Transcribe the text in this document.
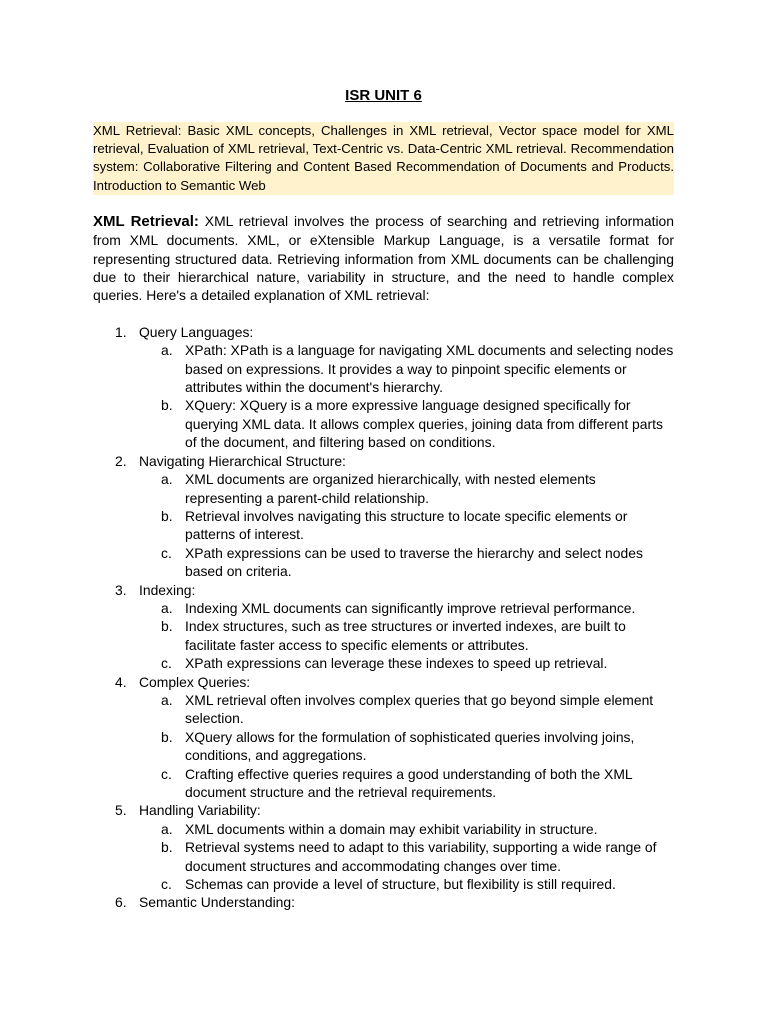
ISR UNIT 6
XML Retrieval: Basic XML concepts, Challenges in XML retrieval, Vector space model for XML retrieval, Evaluation of XML retrieval, Text-Centric vs. Data-Centric XML retrieval. Recommendation system: Collaborative Filtering and Content Based Recommendation of Documents and Products. Introduction to Semantic Web

XML Retrieval: XML retrieval involves the process of searching and retrieving information from XML documents. XML, or eXtensible Markup Language, is a versatile format for representing structured data. Retrieving information from XML documents can be challenging due to their hierarchical nature, variability in structure, and the need to handle complex queries. Here's a detailed explanation of XML retrieval:

1. Query Languages:
a. XPath: XPath is a language for navigating XML documents and selecting nodes based on expressions. It provides a way to pinpoint specific elements or attributes within the document's hierarchy.
b. XQuery: XQuery is a more expressive language designed specifically for querying XML data. It allows complex queries, joining data from different parts of the document, and filtering based on conditions.
2. Navigating Hierarchical Structure:
a. XML documents are organized hierarchically, with nested elements representing a parent-child relationship.
b. Retrieval involves navigating this structure to locate specific elements or patterns of interest.
c. XPath expressions can be used to traverse the hierarchy and select nodes based on criteria.
3. Indexing:
a. Indexing XML documents can significantly improve retrieval performance.
b. Index structures, such as tree structures or inverted indexes, are built to facilitate faster access to specific elements or attributes.
c. XPath expressions can leverage these indexes to speed up retrieval.
4. Complex Queries:
a. XML retrieval often involves complex queries that go beyond simple element selection.
b. XQuery allows for the formulation of sophisticated queries involving joins, conditions, and aggregations.
c. Crafting effective queries requires a good understanding of both the XML document structure and the retrieval requirements.
5. Handling Variability:
a. XML documents within a domain may exhibit variability in structure.
b. Retrieval systems need to adapt to this variability, supporting a wide range of document structures and accommodating changes over time.
c. Schemas can provide a level of structure, but flexibility is still required.
6. Semantic Understanding:
